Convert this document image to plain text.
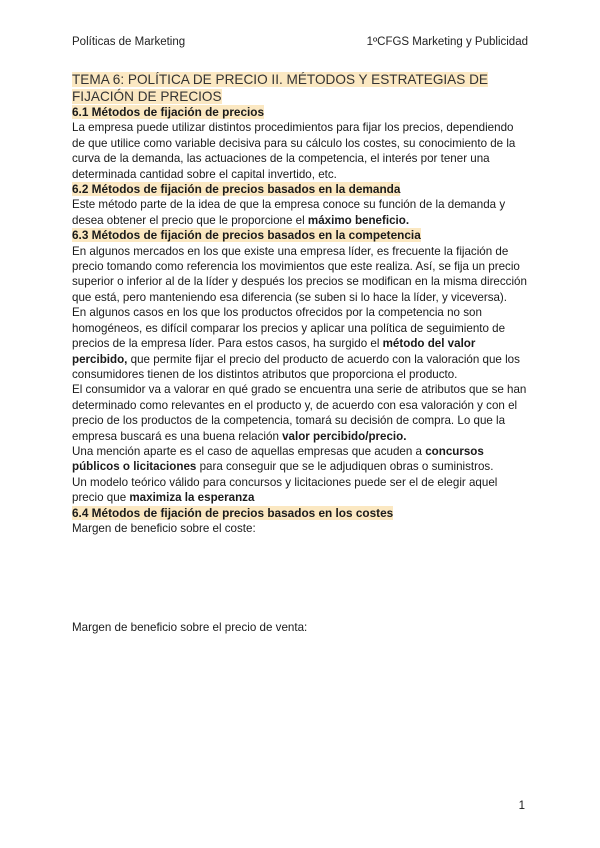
Políticas de Marketing	1ºCFGS Marketing y Publicidad
TEMA 6: POLÍTICA DE PRECIO II. MÉTODOS Y ESTRATEGIAS DE FIJACIÓN DE PRECIOS
6.1 Métodos de fijación de precios

La empresa puede utilizar distintos procedimientos para fijar los precios, dependiendo de que utilice como variable decisiva para su cálculo los costes, su conocimiento de la curva de la demanda, las actuaciones de la competencia, el interés por tener una determinada cantidad sobre el capital invertido, etc.

6.2 Métodos de fijación de precios basados en la demanda

Este método parte de la idea de que la empresa conoce su función de la demanda y desea obtener el precio que le proporcione el máximo beneficio.

6.3 Métodos de fijación de precios basados en la competencia

En algunos mercados en los que existe una empresa líder, es frecuente la fijación de precio tomando como referencia los movimientos que este realiza. Así, se fija un precio superior o inferior al de la líder y después los precios se modifican en la misma dirección que está, pero manteniendo esa diferencia (se suben si lo hace la líder, y viceversa).

En algunos casos en los que los productos ofrecidos por la competencia no son homogéneos, es difícil comparar los precios y aplicar una política de seguimiento de precios de la empresa líder. Para estos casos, ha surgido el método del valor percibido, que permite fijar el precio del producto de acuerdo con la valoración que los consumidores tienen de los distintos atributos que proporciona el producto.

El consumidor va a valorar en qué grado se encuentra una serie de atributos que se han determinado como relevantes en el producto y, de acuerdo con esa valoración y con el precio de los productos de la competencia, tomará su decisión de compra. Lo que la empresa buscará es una buena relación valor percibido/precio.

Una mención aparte es el caso de aquellas empresas que acuden a concursos públicos o licitaciones para conseguir que se le adjudiquen obras o suministros.

Un modelo teórico válido para concursos y licitaciones puede ser el de elegir aquel precio que maximiza la esperanza

6.4 Métodos de fijación de precios basados en los costes

Margen de beneficio sobre el coste:

Margen de beneficio sobre el precio de venta:

1
